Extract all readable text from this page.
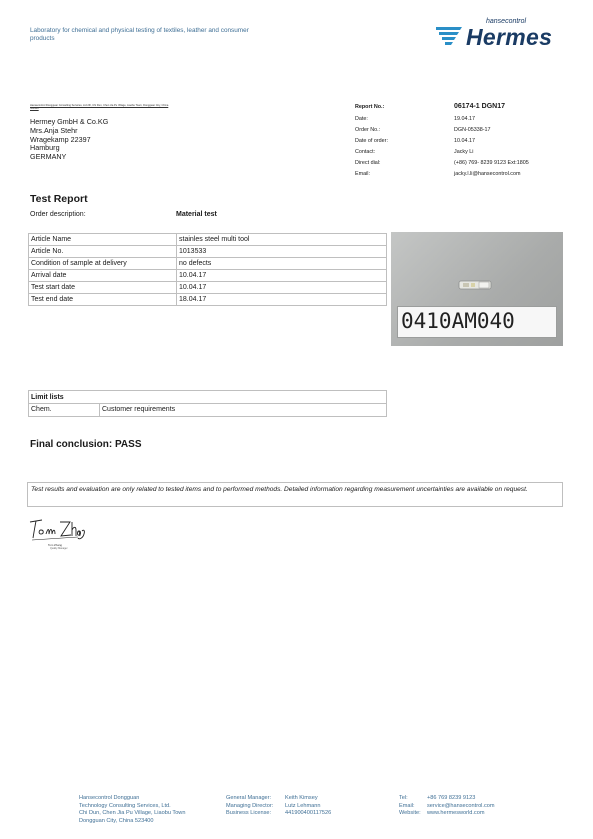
Laboratory for chemical and physical testing of textiles, leather and consumer products
hansecontrol
Hermes
Hansecontrol Dongguan Consulting Services, Ltd 2/F, Chi Dun, Chen Jia Pu Village, Liaobu Town, Dongguan City, China 523400
Hermey GmbH & Co.KG
Mrs.Anja Stehr
Wragekamp 22397
Hamburg
GERMANY
Report No.:	06174-1 DGN17
Date:	19.04.17
Order No.:	DGN-05338-17
Date of order:	10.04.17
Contact:	Jacky Li
Direct dial:	(+86) 769- 8239 9123 Ext:1805
Email:	jacky.l.li@hansecontrol.com
Test Report
Order description:	Material test
Article Name	stainles steel multi tool
Article No.	1013533
Condition of sample at delivery	no defects
Arrival date	10.04.17
Test start date	10.04.17
Test end date	18.04.17
0410AM040
Limit lists
Chem.	Customer requirements
Final conclusion: PASS
Test results and evaluation are only related to tested items and to performed methods. Detailed information regarding measurement uncertainties are available on request.
Tom Zhang
Quality Manager
Hansecontrol Dongguan
Technology Consulting Services, Ltd.
Chi Dun, Chen Jia Pu Village, Liaobu Town
Dongguan City, China 523400
General Manager: Keith Kimsey
Managing Director: Lutz Lehmann
Business License: 441900400117526
Tel:	+86 769 8239 9123
Email: service@hansecontrol.com
Website: www.hermesworld.com
